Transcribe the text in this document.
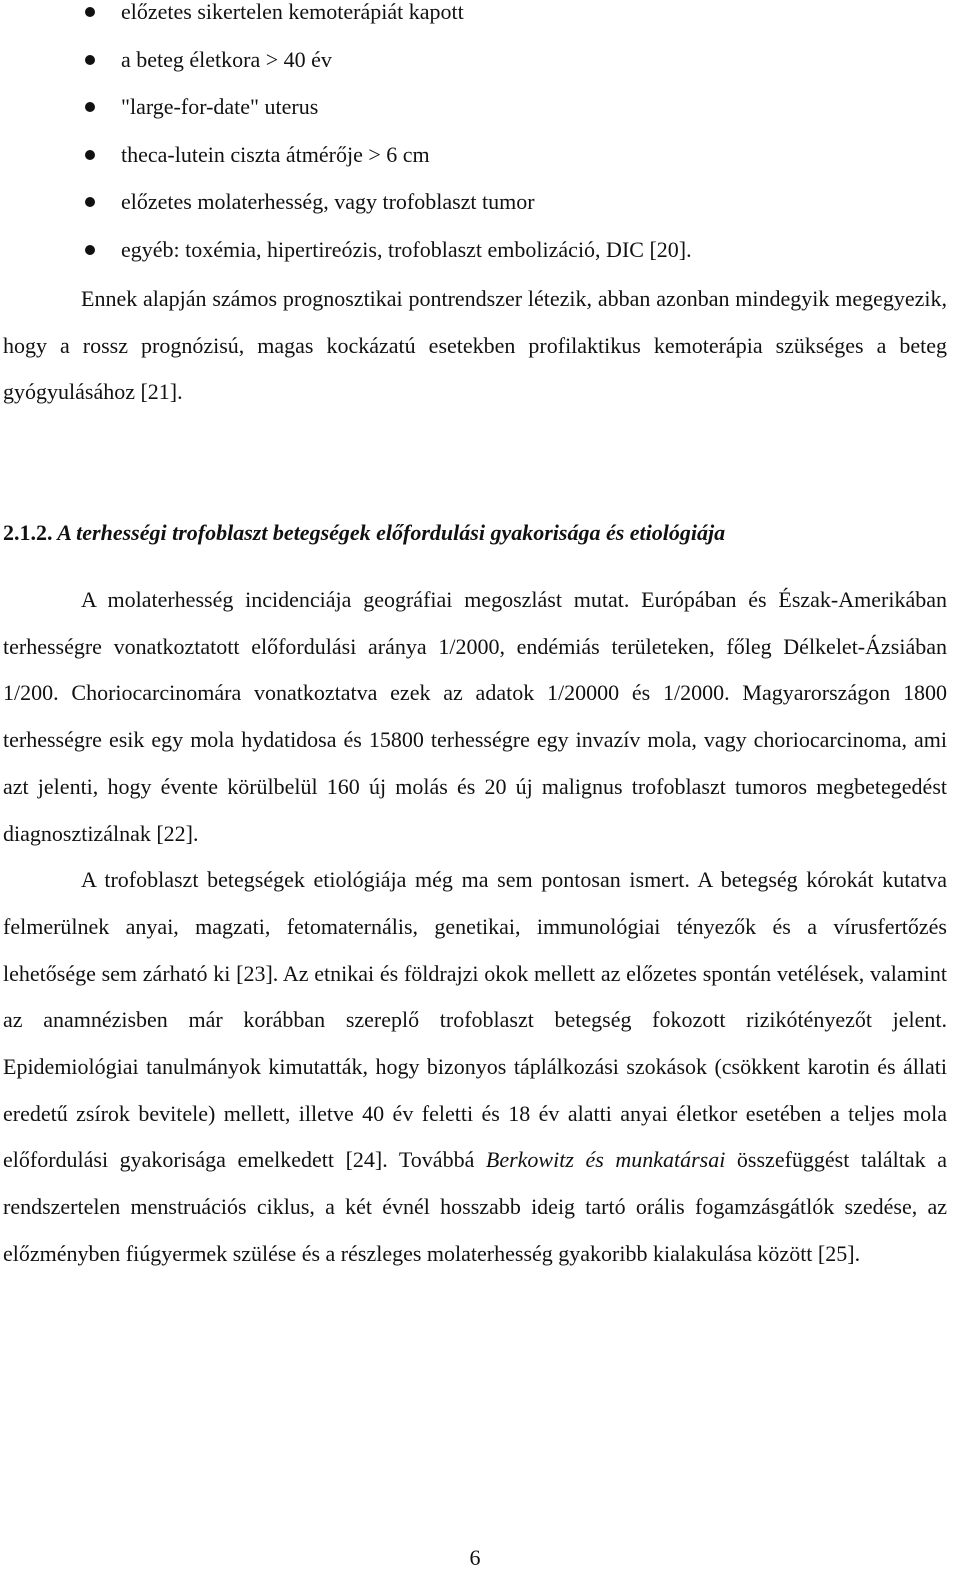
előzetes sikertelen kemoterápiát kapott
a beteg életkora > 40 év
"large-for-date" uterus
theca-lutein ciszta átmérője > 6 cm
előzetes molaterhesség, vagy trofoblaszt tumor
egyéb: toxémia, hipertireózis, trofoblaszt embolizáció, DIC [20].

Ennek alapján számos prognosztikai pontrendszer létezik, abban azonban mindegyik megegyezik, hogy a rossz prognózisú, magas kockázatú esetekben profilaktikus kemoterápia szükséges a beteg gyógyulásához [21].

2.1.2. A terhességi trofoblaszt betegségek előfordulási gyakorisága és etiológiája

A molaterhesség incidenciája geográfiai megoszlást mutat. Európában és Észak-Amerikában terhességre vonatkoztatott előfordulási aránya 1/2000, endémiás területeken, főleg Délkelet-Ázsiában 1/200. Choriocarcinomára vonatkoztatva ezek az adatok 1/20000 és 1/2000. Magyarországon 1800 terhességre esik egy mola hydatidosa és 15800 terhességre egy invazív mola, vagy choriocarcinoma, ami azt jelenti, hogy évente körülbelül 160 új molás és 20 új malignus trofoblaszt tumoros megbetegedést diagnosztizálnak [22].

A trofoblaszt betegségek etiológiája még ma sem pontosan ismert. A betegség kórokát kutatva felmerülnek anyai, magzati, fetomaternális, genetikai, immunológiai tényezők és a vírusfertőzés lehetősége sem zárható ki [23]. Az etnikai és földrajzi okok mellett az előzetes spontán vetélések, valamint az anamnézisben már korábban szereplő trofoblaszt betegség fokozott rizikótényezőt jelent. Epidemiológiai tanulmányok kimutatták, hogy bizonyos táplálkozási szokások (csökkent karotin és állati eredetű zsírok bevitele) mellett, illetve 40 év feletti és 18 év alatti anyai életkor esetében a teljes mola előfordulási gyakorisága emelkedett [24]. Továbbá Berkowitz és munkatársai összefüggést találtak a rendszertelen menstruációs ciklus, a két évnél hosszabb ideig tartó orális fogamzásgátlók szedése, az előzményben fiúgyermek szülése és a részleges molaterhesség gyakoribb kialakulása között [25].

6
